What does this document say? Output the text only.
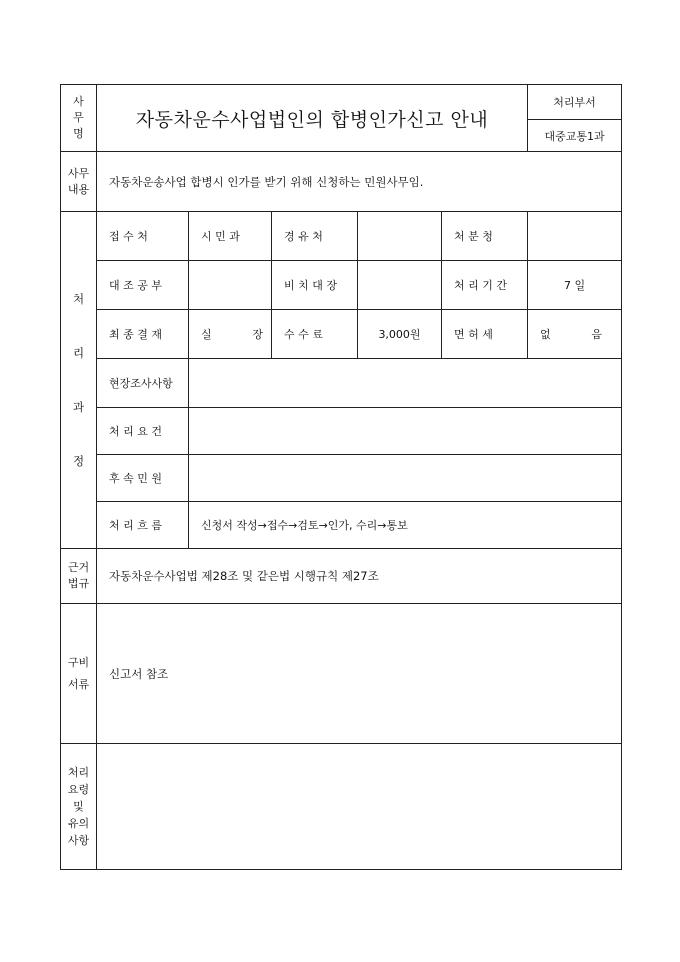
사
무
명	자동차운수사업법인의 합병인가신고 안내					처리부서
						대중교통1과

사무
내용	자동차운송사업 합병시 인가를 받기 위해 신청하는 민원사무임.					

처
리
과
정	접 수 처	시 민 과	경 유 처		처 분 청	
	대 조 공 부		비 치 대 장		처 리 기 간	7 일
	최 종 결 재	실 장	수 수 료	3,000원	면 허 세	없 음
	현장조사사항					
	처 리 요 건					
	후 속 민 원					
	처 리 흐 름	신청서 작성→접수→검토→인가, 수리→통보				

근거
법규	자동차운수사업법 제28조 및 같은법 시행규칙 제27조					

구비
서류	신고서 참조					

처리
요령
및
유의
사항						
